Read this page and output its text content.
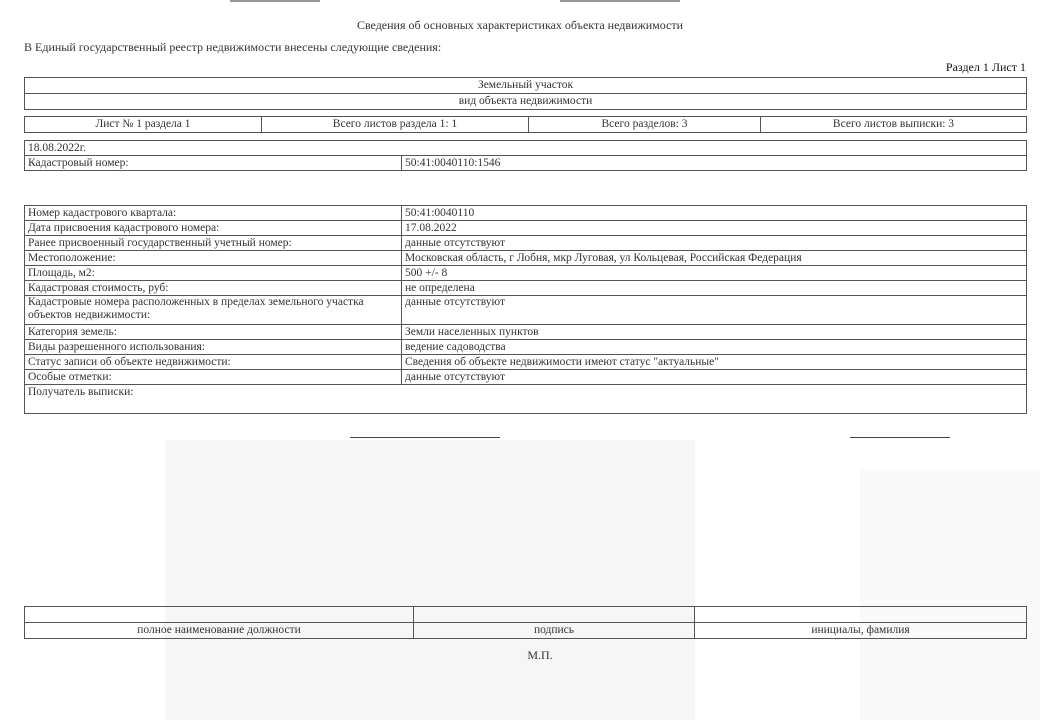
Сведения об основных характеристиках объекта недвижимости
В Единый государственный реестр недвижимости внесены следующие сведения:
Раздел 1 Лист 1
Земельный участок
вид объекта недвижимости
Лист № 1 раздела 1	Всего листов раздела 1: 1	Всего разделов: 3	Всего листов выписки: 3
18.08.2022г.
Кадастровый номер:	50:41:0040110:1546
Номер кадастрового квартала:	50:41:0040110
Дата присвоения кадастрового номера:	17.08.2022
Ранее присвоенный государственный учетный номер:	данные отсутствуют
Местоположение:	Московская область, г Лобня, мкр Луговая, ул Кольцевая, Российская Федерация
Площадь, м2:	500 +/- 8
Кадастровая стоимость, руб:	не определена
Кадастровые номера расположенных в пределах земельного участка объектов недвижимости:	данные отсутствуют
Категория земель:	Земли населенных пунктов
Виды разрешенного использования:	ведение садоводства
Статус записи об объекте недвижимости:	Сведения об объекте недвижимости имеют статус "актуальные"
Особые отметки:	данные отсутствуют
Получатель выписки:	

полное наименование должности	подпись	инициалы, фамилия
М.П.
